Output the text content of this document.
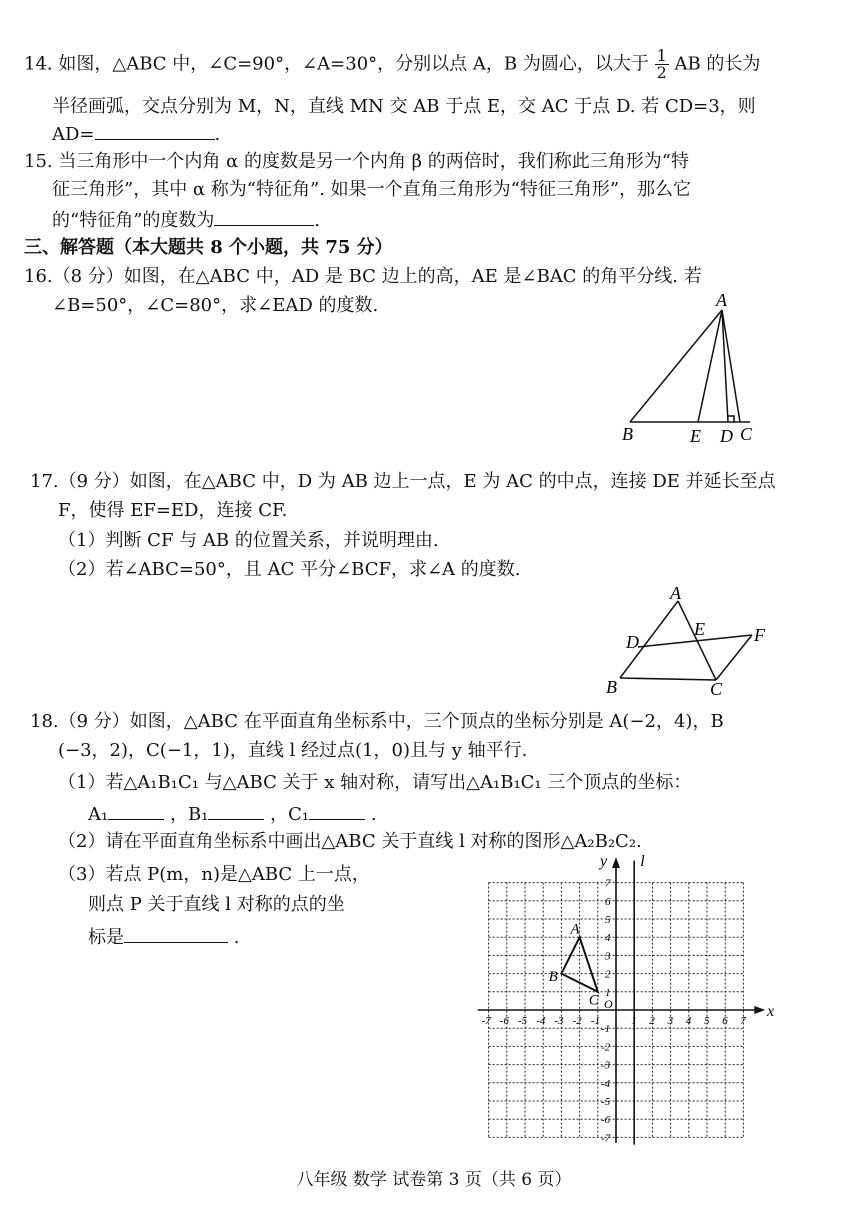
14. 如图，△ABC 中，∠C=90°，∠A=30°，分别以点 A，B 为圆心，以大于 $\frac{1}{2}$ AB 的长为
半径画弧，交点分别为 M，N，直线 MN 交 AB 于点 E，交 AC 于点 D. 若 CD=3，则
AD=	.
15. 当三角形中一个内角 α 的度数是另一个内角 β 的两倍时，我们称此三角形为“特
征三角形”，其中 α 称为“特征角”. 如果一个直角三角形为“特征三角形”，那么它
的“特征角”的度数为	.
三、解答题（本大题共 8 个小题，共 75 分）
16.（8 分）如图，在△ABC 中，AD 是 BC 边上的高，AE 是∠BAC 的角平分线. 若
∠B=50°，∠C=80°，求∠EAD 的度数.	A
B	E D C
17.（9 分）如图，在△ABC 中，D 为 AB 边上一点，E 为 AC 的中点，连接 DE 并延长至点
F，使得 EF=ED，连接 CF.
（1）判断 CF 与 AB 的位置关系，并说明理由.
（2）若∠ABC=50°，且 AC 平分∠BCF，求∠A 的度数.
A
D
E	F
B	C
18.（9 分）如图，△ABC 在平面直角坐标系中，三个顶点的坐标分别是 A(−2，4)，B
(−3，2)，C(−1，1)，直线 l 经过点(1，0)且与 y 轴平行.
（1）若△A₁B₁C₁ 与△ABC 关于 x 轴对称，请写出△A₁B₁C₁ 三个顶点的坐标：
A₁	，B₁	，C₁	.
（2）请在平面直角坐标系中画出△ABC 关于直线 l 对称的图形△A₂B₂C₂.
（3）若点 P(m，n)是△ABC 上一点，
则点 P 关于直线 l 对称的点的坐
标是	.
x
y l
O
-7 -6 -5 -4 -3 -2 -1	1 2 3 4 5 6 7
7
6
5
4
3
2
1
-1
-2
-3
-4
-5
-6
-7
A
B
C
八年级 数学 试卷第 3 页（共 6 页）
